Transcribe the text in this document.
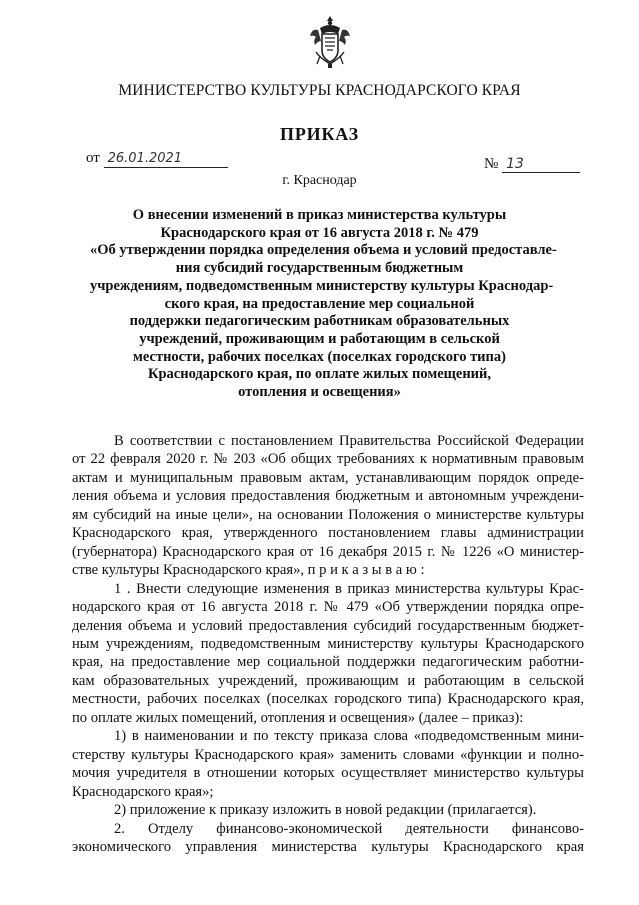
МИНИСТЕРСТВО КУЛЬТУРЫ КРАСНОДАРСКОГО КРАЯ
ПРИКАЗ
от 26.01.2021	№ 13
г. Краснодар
О внесении изменений в приказ министерства культуры
Краснодарского края от 16 августа 2018 г. № 479
«Об утверждении порядка определения объема и условий предоставле-
ния субсидий государственным бюджетным
учреждениям, подведомственным министерству культуры Краснодар-
ского края, на предоставление мер социальной
поддержки педагогическим работникам образовательных
учреждений, проживающим и работающим в сельской
местности, рабочих поселках (поселках городского типа)
Краснодарского края, по оплате жилых помещений,
отопления и освещения»
В соответствии с постановлением Правительства Российской Федерации
от 22 февраля 2020 г. № 203 «Об общих требованиях к нормативным правовым
актам и муниципальным правовым актам, устанавливающим порядок опреде-
ления объема и условия предоставления бюджетным и автономным учреждени-
ям субсидий на иные цели», на основании Положения о министерстве культуры
Краснодарского края, утвержденного постановлением главы администрации
(губернатора) Краснодарского края от 16 декабря 2015 г. № 1226 «О министер-
стве культуры Краснодарского края», п р и к а з ы в а ю :
1 . Внести следующие изменения в приказ министерства культуры Крас-
нодарского края от 16 августа 2018 г. № 479 «Об утверждении порядка опре-
деления объема и условий предоставления субсидий государственным бюджет-
ным учреждениям, подведомственным министерству культуры Краснодарского
края, на предоставление мер социальной поддержки педагогическим работни-
кам образовательных учреждений, проживающим и работающим в сельской
местности, рабочих поселках (поселках городского типа) Краснодарского края,
по оплате жилых помещений, отопления и освещения» (далее – приказ):
1) в наименовании и по тексту приказа слова «подведомственным мини-
стерству культуры Краснодарского края» заменить словами «функции и полно-
мочия учредителя в отношении которых осуществляет министерство культуры
Краснодарского края»;
2) приложение к приказу изложить в новой редакции (прилагается).
2. Отделу финансово-экономической деятельности финансово-
экономического управления министерства культуры Краснодарского края
